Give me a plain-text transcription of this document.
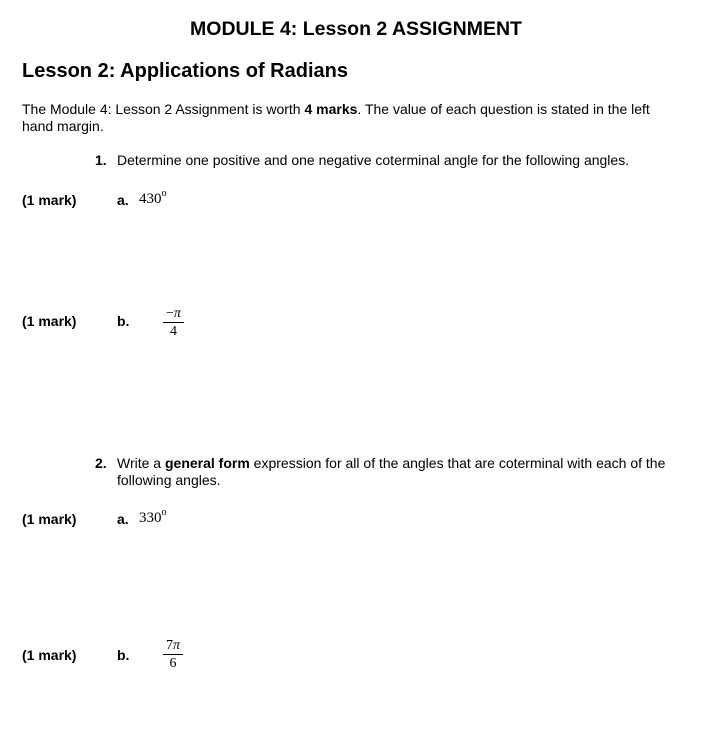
MODULE 4: Lesson 2 ASSIGNMENT
Lesson 2: Applications of Radians

The Module 4: Lesson 2 Assignment is worth 4 marks. The value of each question is stated in the left hand margin.

1. Determine one positive and one negative coterminal angle for the following angles.
(1 mark)	a. 430$^o$
(1 mark)	b. $\frac{-\pi}{4}$
2. Write a general form expression for all of the angles that are coterminal with each of the following angles.
(1 mark)	a. 330$^o$
(1 mark)	b. $\frac{7\pi}{6}$
